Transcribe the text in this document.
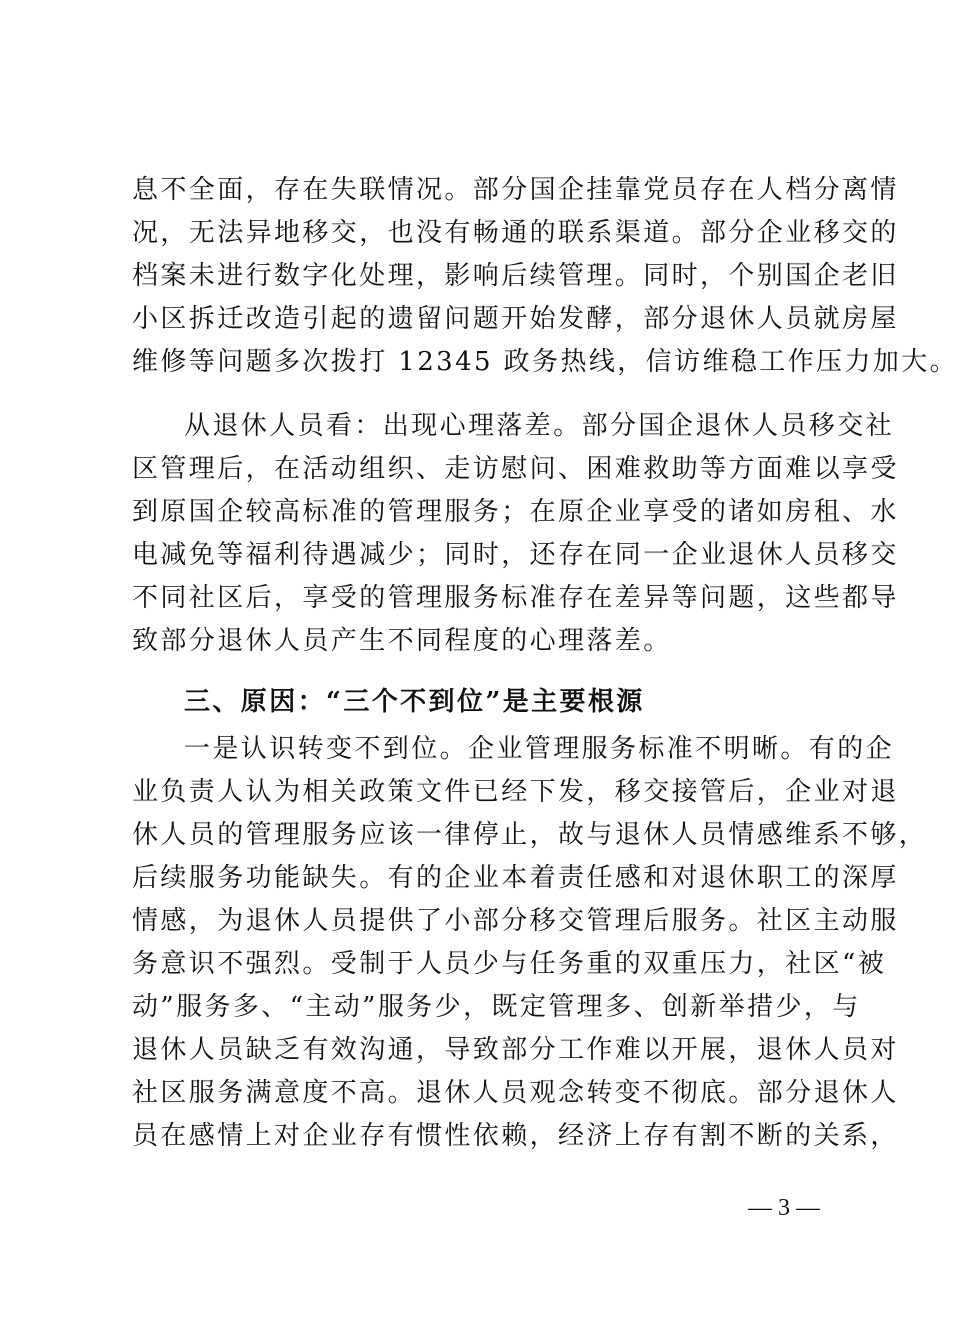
息不全面，存在失联情况。部分国企挂靠党员存在人档分离情
况，无法异地移交，也没有畅通的联系渠道。部分企业移交的
档案未进行数字化处理，影响后续管理。同时，个别国企老旧
小区拆迁改造引起的遗留问题开始发酵，部分退休人员就房屋
维修等问题多次拨打 12345 政务热线，信访维稳工作压力加大。
从退休人员看：出现心理落差。部分国企退休人员移交社
区管理后，在活动组织、走访慰问、困难救助等方面难以享受
到原国企较高标准的管理服务；在原企业享受的诸如房租、水
电减免等福利待遇减少；同时，还存在同一企业退休人员移交
不同社区后，享受的管理服务标准存在差异等问题，这些都导
致部分退休人员产生不同程度的心理落差。
三、原因：“三个不到位”是主要根源
一是认识转变不到位。企业管理服务标准不明晰。有的企
业负责人认为相关政策文件已经下发，移交接管后，企业对退
休人员的管理服务应该一律停止，故与退休人员情感维系不够，
后续服务功能缺失。有的企业本着责任感和对退休职工的深厚
情感，为退休人员提供了小部分移交管理后服务。社区主动服
务意识不强烈。受制于人员少与任务重的双重压力，社区“被
动”服务多、“主动”服务少，既定管理多、创新举措少，与
退休人员缺乏有效沟通，导致部分工作难以开展，退休人员对
社区服务满意度不高。退休人员观念转变不彻底。部分退休人
员在感情上对企业存有惯性依赖，经济上存有割不断的关系，
— 3 —
